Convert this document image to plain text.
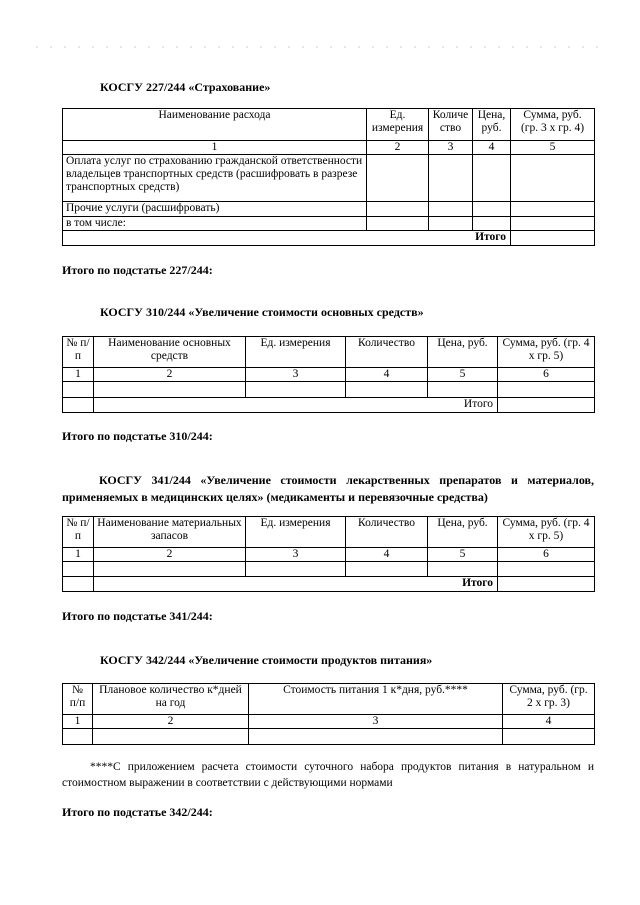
КОСГУ 227/244 «Страхование»

Наименование расхода	Ед. измерения	Количе ство	Цена, руб.	Сумма, руб. (гр. 3 х гр. 4)
1	2	3	4	5
Оплата услуг по страхованию гражданской ответственности владельцев транспортных средств (расшифровать в разрезе транспортных средств)				
Прочие услуги (расшифровать)				
в том числе:				
Итого				

Итого по подстатье 227/244:

КОСГУ 310/244 «Увеличение стоимости основных средств»

№ п/п	Наименование основных средств	Ед. измерения	Количество	Цена, руб.	Сумма, руб. (гр. 4 х гр. 5)
1	2	3	4	5	6

	Итого				

Итого по подстатье 310/244:

КОСГУ 341/244 «Увеличение стоимости лекарственных препаратов и материалов, применяемых в медицинских целях» (медикаменты и перевязочные средства)

№ п/п	Наименование материальных запасов	Ед. измерения	Количество	Цена, руб.	Сумма, руб. (гр. 4 х гр. 5)
1	2	3	4	5	6

	Итого				

Итого по подстатье 341/244:

КОСГУ 342/244 «Увеличение стоимости продуктов питания»

№ п/п	Плановое количество к*дней на год	Стоимость питания 1 к*дня, руб.****	Сумма, руб. (гр. 2 х гр. 3)
1	2	3	4

****С приложением расчета стоимости суточного набора продуктов питания в натуральном и стоимостном выражении в соответствии с действующими нормами

Итого по подстатье 342/244:
